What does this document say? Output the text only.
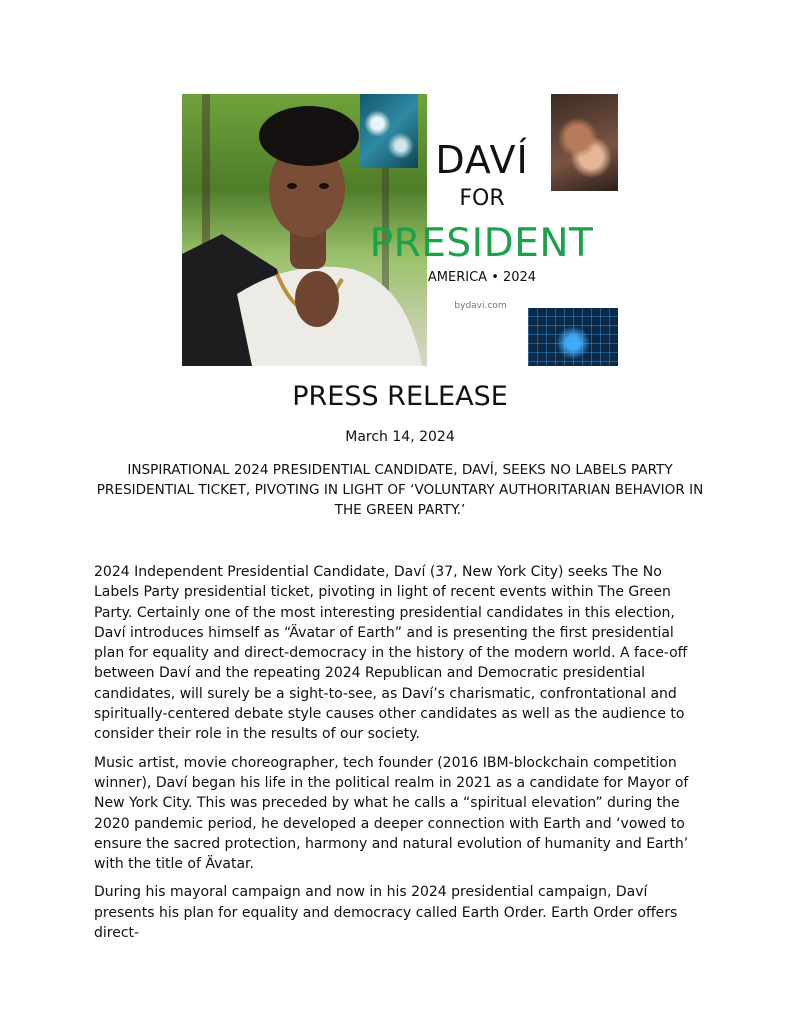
DAVÍ
FOR
PRESIDENT
AMERICA • 2024
bydavi.com
PRESS RELEASE
March 14, 2024
INSPIRATIONAL 2024 PRESIDENTIAL CANDIDATE, DAVÍ, SEEKS NO LABELS PARTY PRESIDENTIAL TICKET, PIVOTING IN LIGHT OF ‘VOLUNTARY AUTHORITARIAN BEHAVIOR IN THE GREEN PARTY.’

2024 Independent Presidential Candidate, Daví (37, New York City) seeks The No Labels Party presidential ticket, pivoting in light of recent events within The Green Party. Certainly one of the most interesting presidential candidates in this election, Daví introduces himself as “Ävatar of Earth” and is presenting the first presidential plan for equality and direct-democracy in the history of the modern world. A face-off between Daví and the repeating 2024 Republican and Democratic presidential candidates, will surely be a sight-to-see, as Daví’s charismatic, confrontational and spiritually-centered debate style causes other candidates as well as the audience to consider their role in the results of our society.

Music artist, movie choreographer, tech founder (2016 IBM-blockchain competition winner), Daví began his life in the political realm in 2021 as a candidate for Mayor of New York City. This was preceded by what he calls a “spiritual elevation” during the 2020 pandemic period, he developed a deeper connection with Earth and ‘vowed to ensure the sacred protection, harmony and natural evolution of humanity and Earth’ with the title of Ävatar.

During his mayoral campaign and now in his 2024 presidential campaign, Daví presents his plan for equality and democracy called Earth Order. Earth Order offers direct-
